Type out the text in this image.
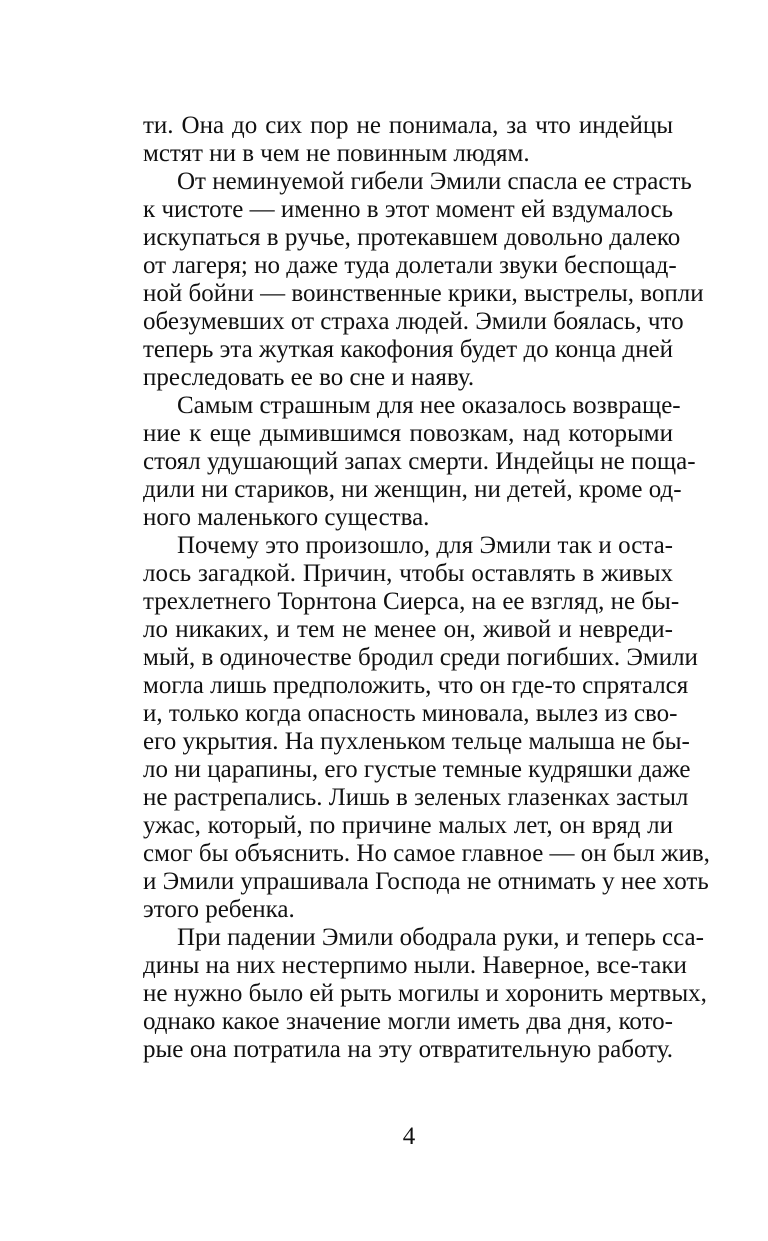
ти. Она до сих пор не понимала, за что индейцы
мстят ни в чем не повинным людям.
От неминуемой гибели Эмили спасла ее страсть
к чистоте — именно в этот момент ей вздумалось
искупаться в ручье, протекавшем довольно далеко
от лагеря; но даже туда долетали звуки беспощад-
ной бойни — воинственные крики, выстрелы, вопли
обезумевших от страха людей. Эмили боялась, что
теперь эта жуткая какофония будет до конца дней
преследовать ее во сне и наяву.
Самым страшным для нее оказалось возвраще-
ние к еще дымившимся повозкам, над которыми
стоял удушающий запах смерти. Индейцы не поща-
дили ни стариков, ни женщин, ни детей, кроме од-
ного маленького существа.
Почему это произошло, для Эмили так и оста-
лось загадкой. Причин, чтобы оставлять в живых
трехлетнего Торнтона Сиерса, на ее взгляд, не бы-
ло никаких, и тем не менее он, живой и невреди-
мый, в одиночестве бродил среди погибших. Эмили
могла лишь предположить, что он где-то спрятался
и, только когда опасность миновала, вылез из сво-
его укрытия. На пухленьком тельце малыша не бы-
ло ни царапины, его густые темные кудряшки даже
не растрепались. Лишь в зеленых глазенках застыл
ужас, который, по причине малых лет, он вряд ли
смог бы объяснить. Но самое главное — он был жив,
и Эмили упрашивала Господа не отнимать у нее хоть
этого ребенка.
При падении Эмили ободрала руки, и теперь сса-
дины на них нестерпимо ныли. Наверное, все-таки
не нужно было ей рыть могилы и хоронить мертвых,
однако какое значение могли иметь два дня, кото-
рые она потратила на эту отвратительную работу.
4
